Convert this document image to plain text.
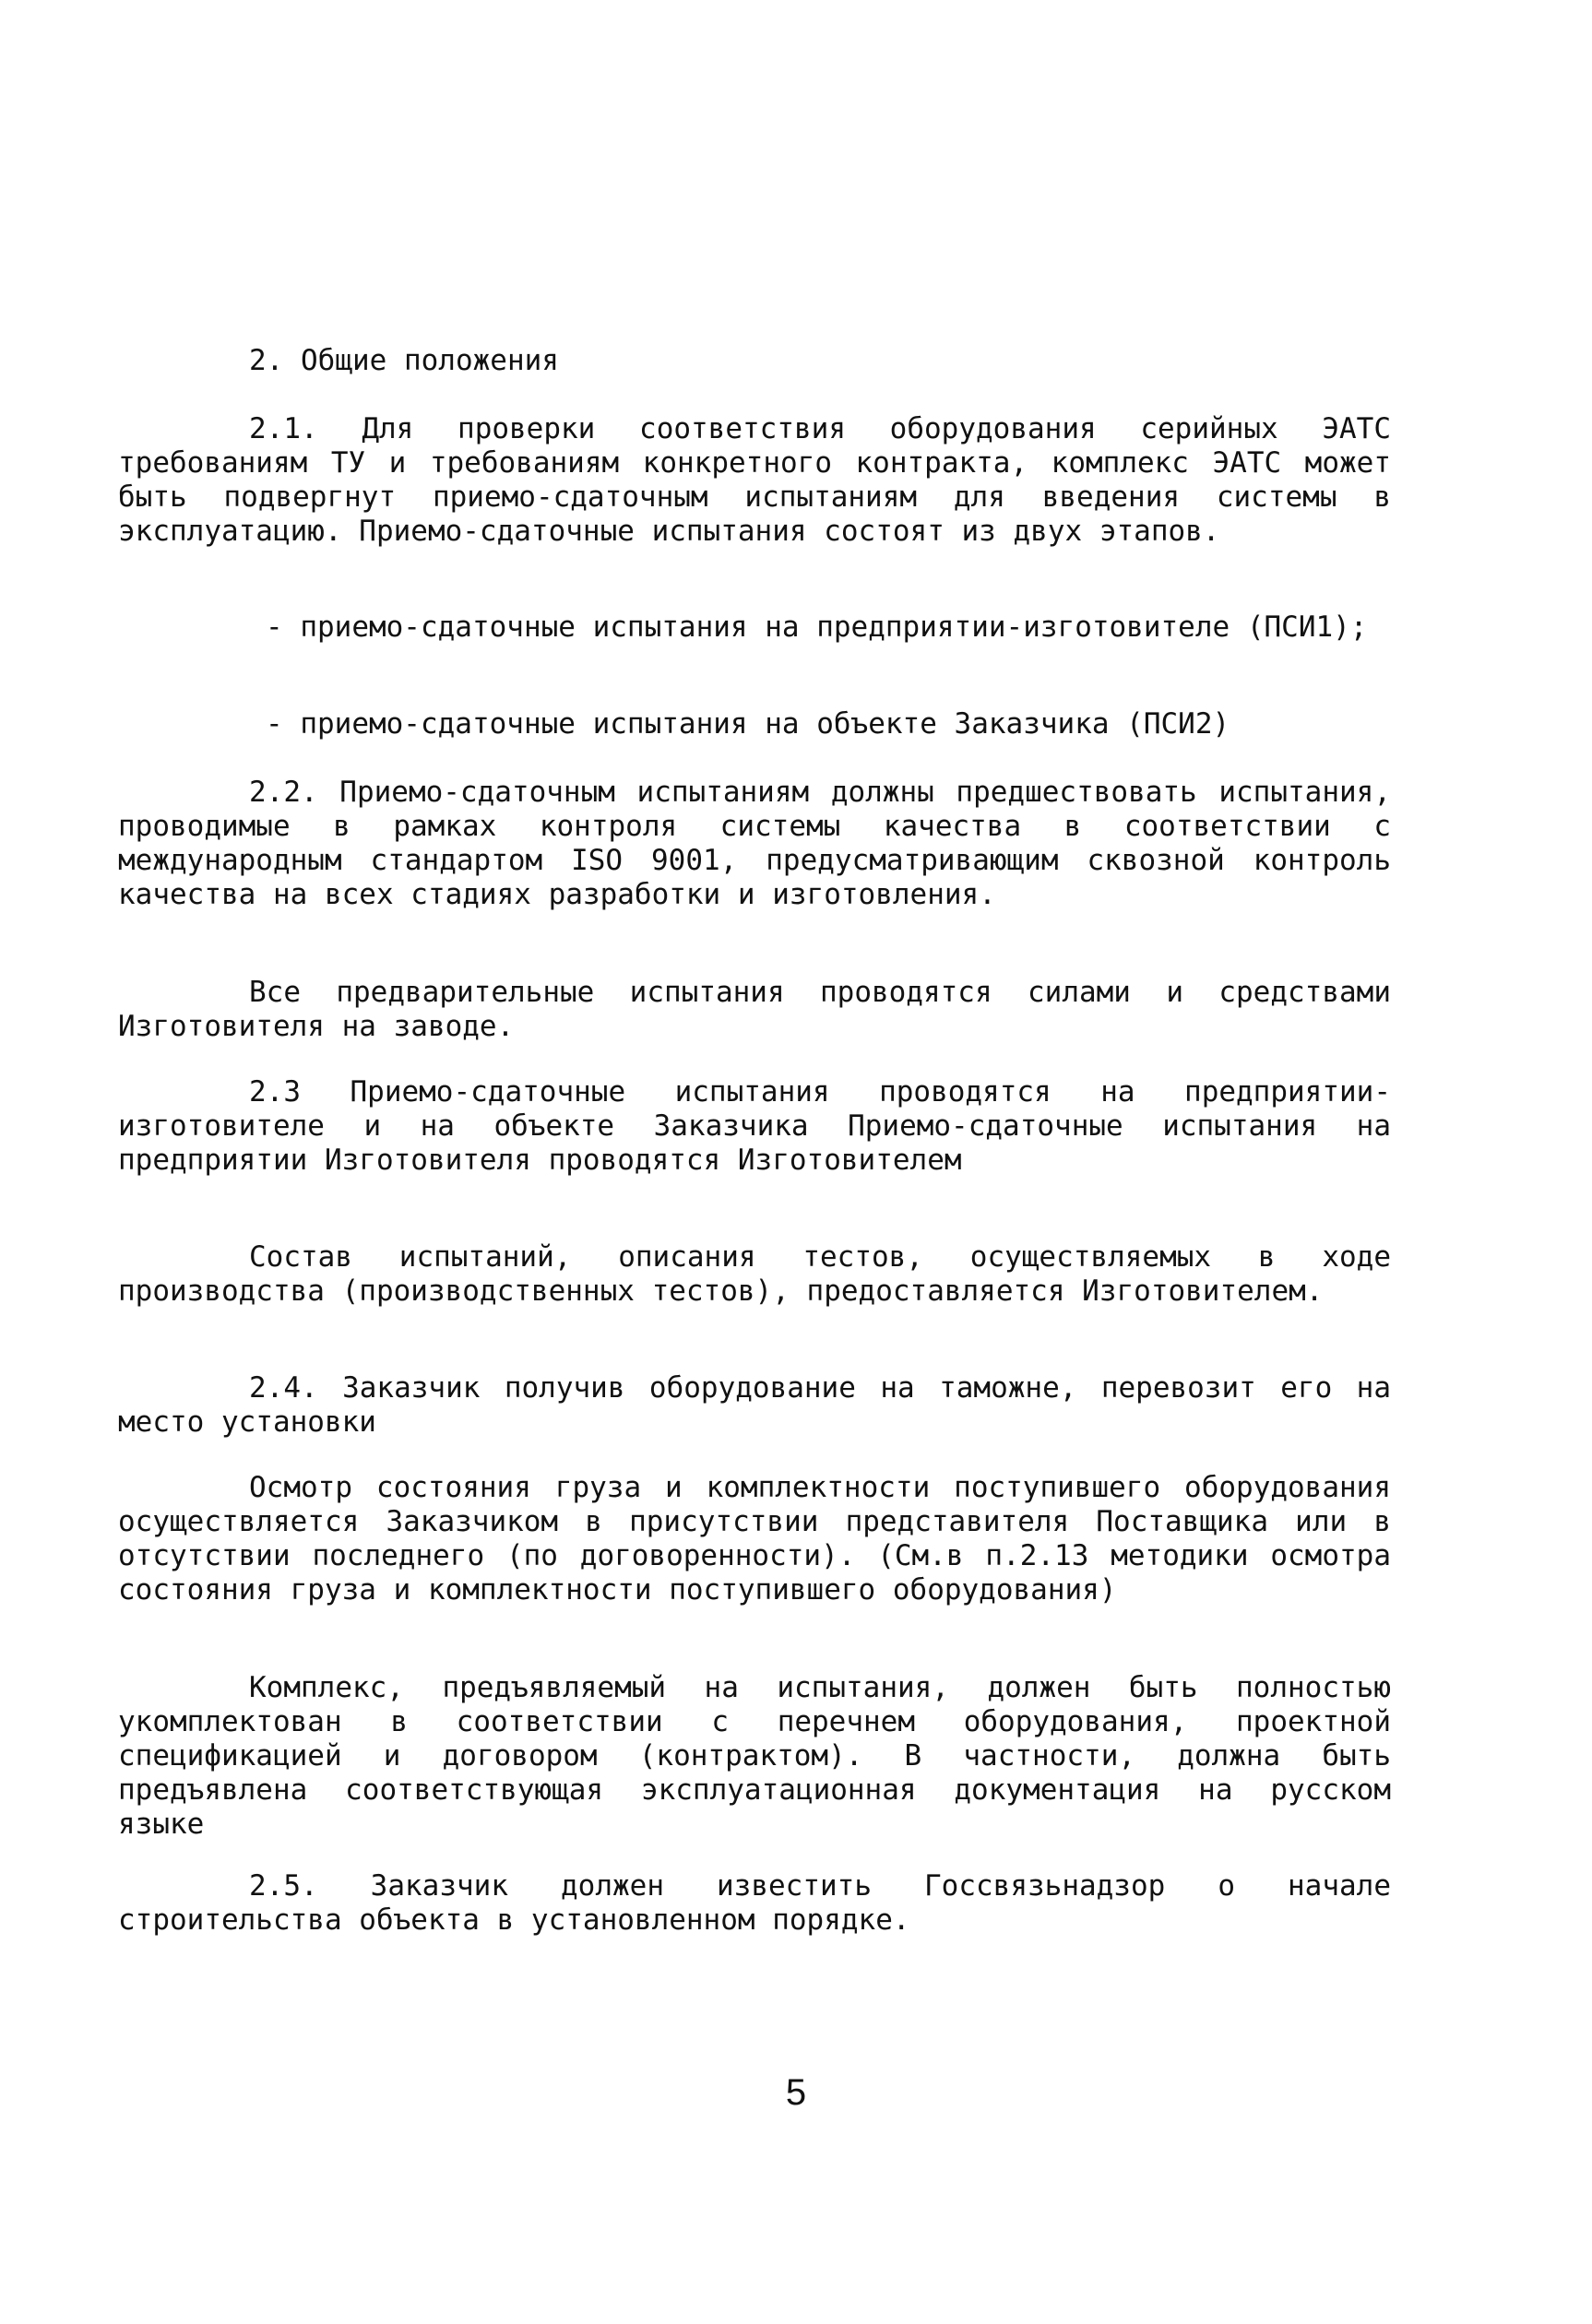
2. Общие положения

2.1. Для проверки соответствия оборудования серийных ЭАТС требованиям ТУ и требованиям конкретного контракта, комплекс ЭАТС может быть подвергнут приемо-сдаточным испытаниям для введения системы в эксплуатацию. Приемо-сдаточные испытания состоят из двух этапов.

- приемо-сдаточные испытания на предприятии-изготовителе (ПСИ1);

- приемо-сдаточные испытания на объекте Заказчика (ПСИ2)

2.2. Приемо-сдаточным испытаниям должны предшествовать испытания, проводимые в рамках контроля системы качества в соответствии с международным стандартом ISO 9001, предусматривающим сквозной контроль качества на всех стадиях разработки и изготовления.

Все предварительные испытания проводятся силами и средствами Изготовителя на заводе.

2.3 Приемо-сдаточные испытания проводятся на предприятии-изготовителе и на объекте Заказчика Приемо-сдаточные испытания на предприятии Изготовителя проводятся Изготовителем

Состав испытаний, описания тестов, осуществляемых в ходе производства (производственных тестов), предоставляется Изготовителем.

2.4. Заказчик получив оборудование на таможне, перевозит его на место установки

Осмотр состояния груза и комплектности поступившего оборудования осуществляется Заказчиком в присутствии представителя Поставщика или в отсутствии последнего (по договоренности). (См.в п.2.13 методики осмотра состояния груза и комплектности поступившего оборудования)

Комплекс, предъявляемый на испытания, должен быть полностью укомплектован в соответствии с перечнем оборудования, проектной спецификацией и договором (контрактом). В частности, должна быть предъявлена соответствующая эксплуатационная документация на русском языке

2.5. Заказчик должен известить Госсвязьнадзор о начале строительства объекта в установленном порядке.

5
